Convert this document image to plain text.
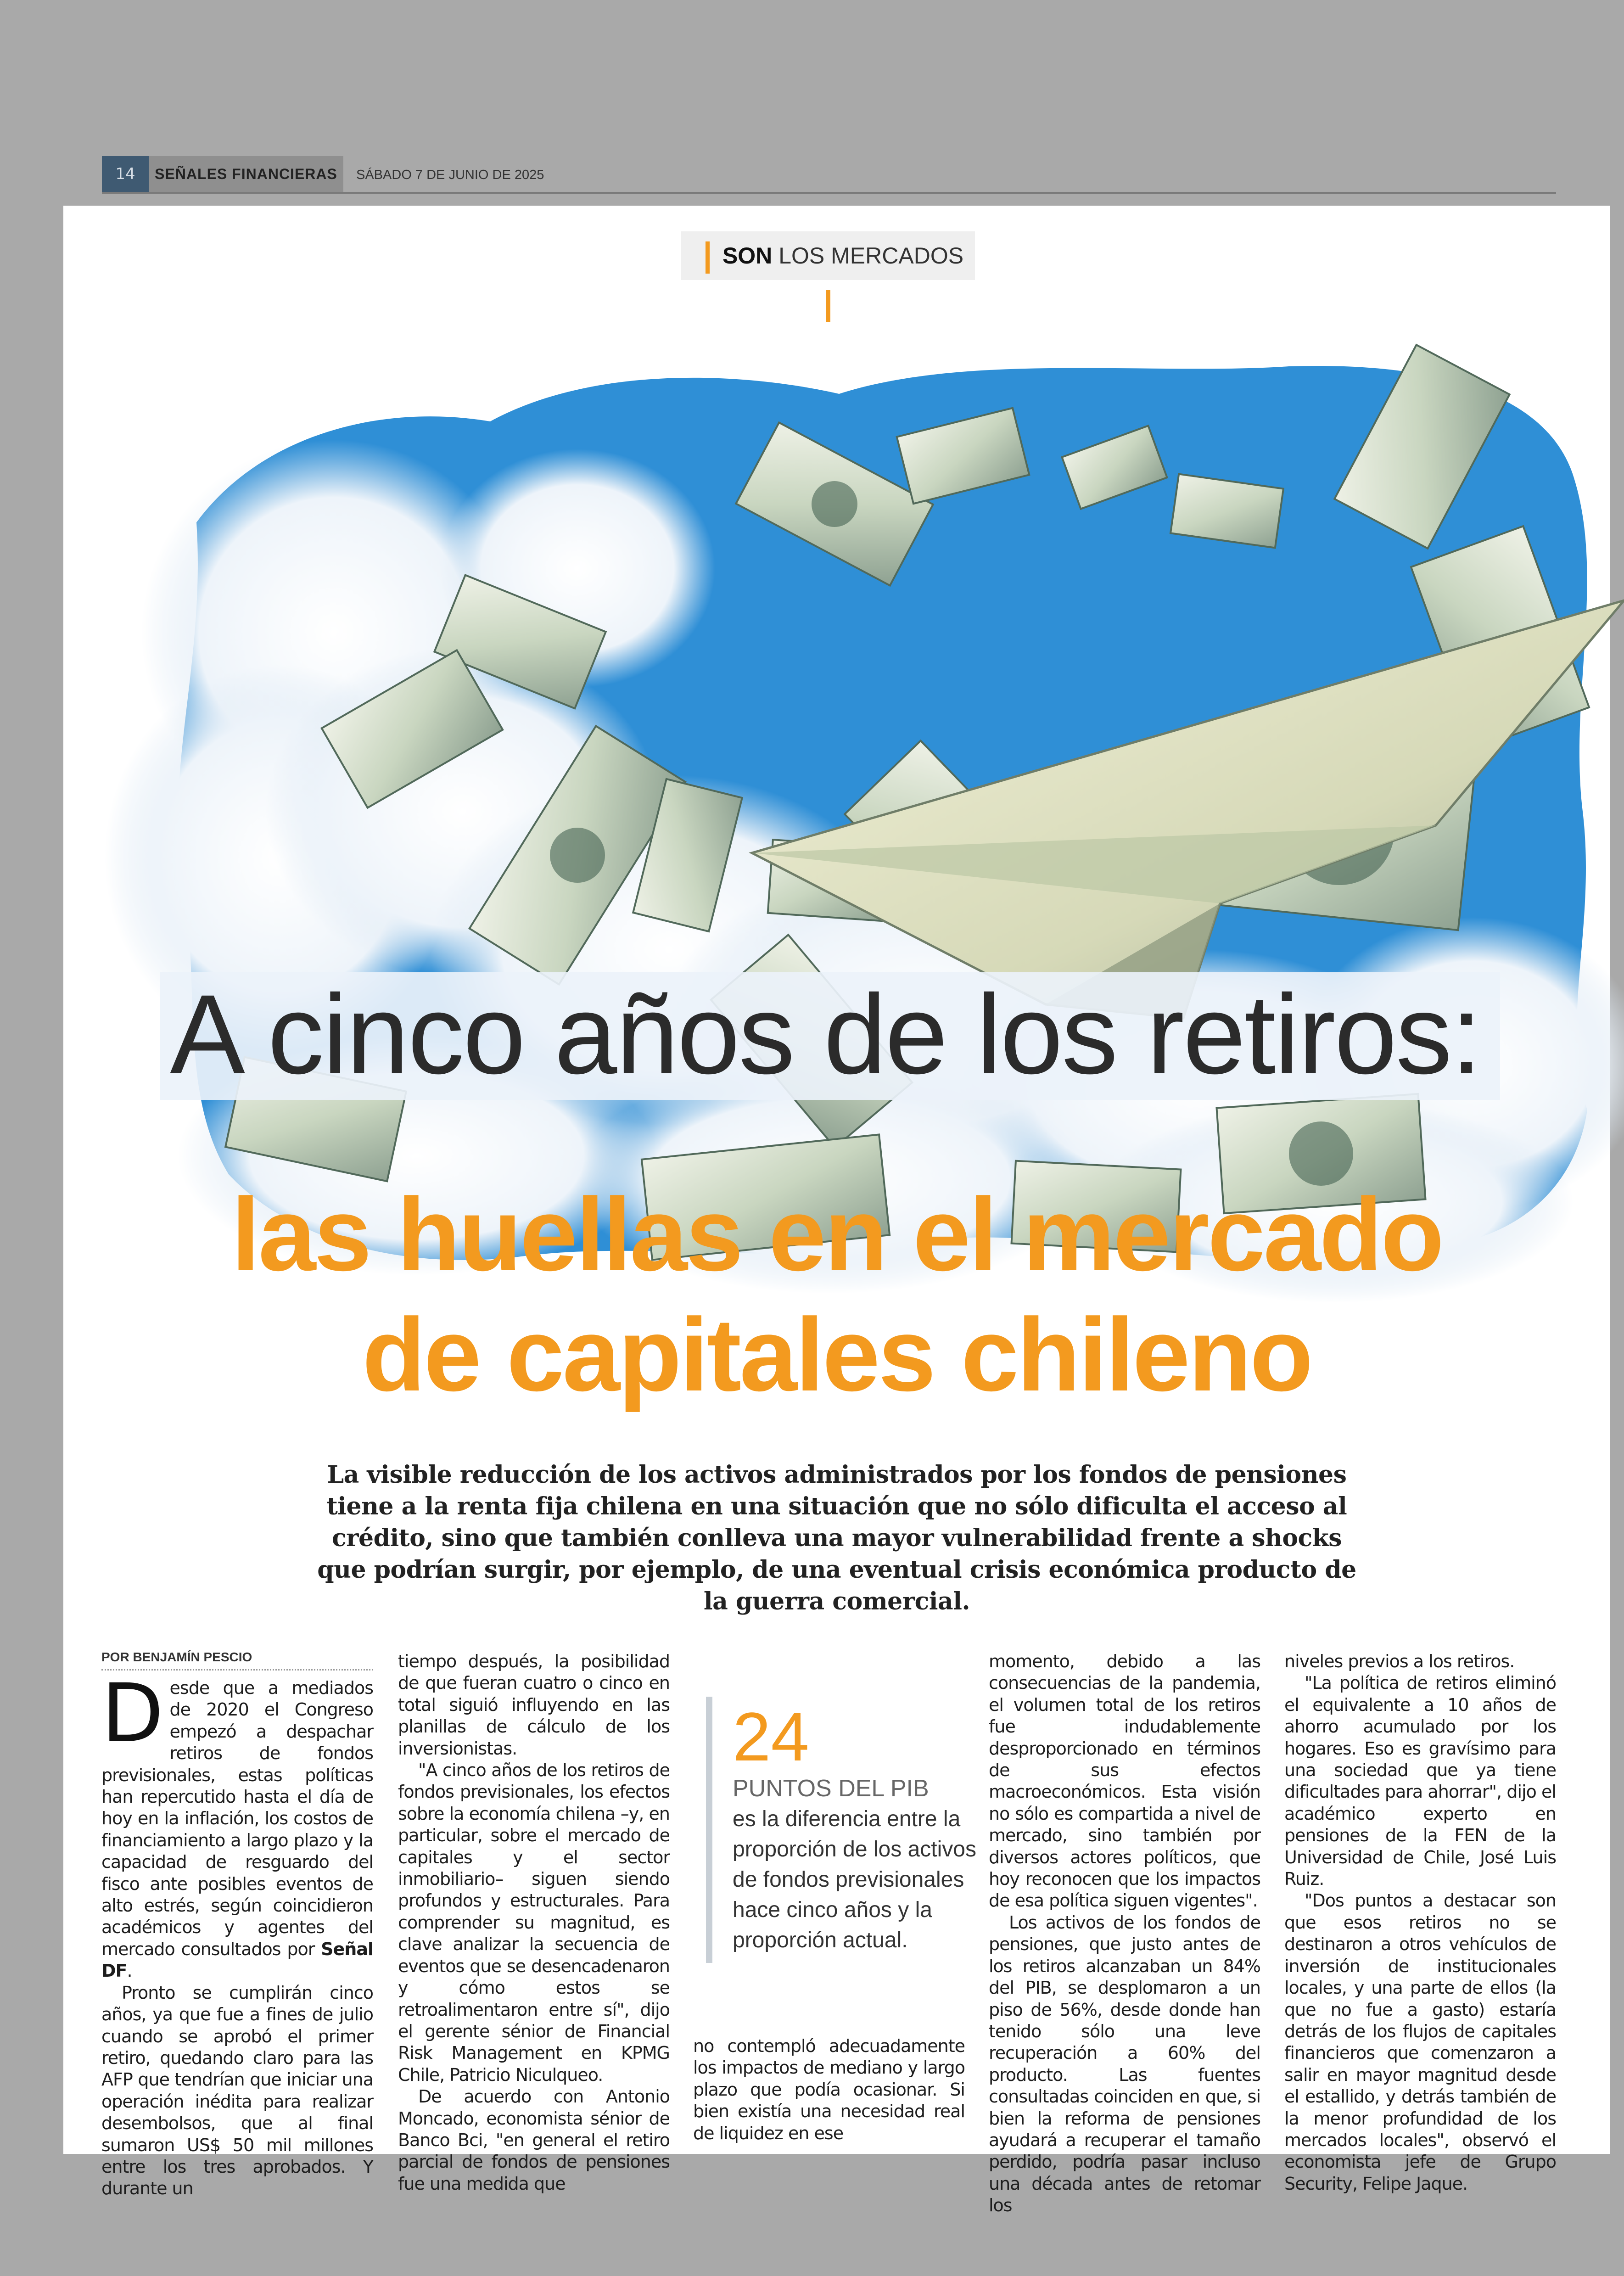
14	SEÑALES FINANCIERAS	SÁBADO 7 DE JUNIO DE 2025
SON LOS MERCADOS
A cinco años de los retiros:
las huellas en el mercado
de capitales chileno
La visible reducción de los activos administrados por los fondos de pensiones tiene a la renta fija chilena en una situación que no sólo dificulta el acceso al crédito, sino que también conlleva una mayor vulnerabilidad frente a shocks que podrían surgir, por ejemplo, de una eventual crisis económica producto de la guerra comercial.
POR BENJAMÍN PESCIO

Desde que a mediados de 2020 el Congreso empezó a despachar retiros de fondos previsionales, estas políticas han repercutido hasta el día de hoy en la inflación, los costos de financiamiento a largo plazo y la capacidad de resguardo del fisco ante posibles eventos de alto estrés, según coincidieron académicos y agentes del mercado consultados por Señal DF.

Pronto se cumplirán cinco años, ya que fue a fines de julio cuando se aprobó el primer retiro, quedando claro para las AFP que tendrían que iniciar una operación inédita para realizar desembolsos, que al final sumaron US$ 50 mil millones entre los tres aprobados. Y durante un

tiempo después, la posibilidad de que fueran cuatro o cinco en total siguió influyendo en las planillas de cálculo de los inversionistas.

"A cinco años de los retiros de fondos previsionales, los efectos sobre la economía chilena –y, en particular, sobre el mercado de capitales y el sector inmobiliario– siguen siendo profundos y estructurales. Para comprender su magnitud, es clave analizar la secuencia de eventos que se desencadenaron y cómo estos se retroalimentaron entre sí", dijo el gerente sénior de Financial Risk Management en KPMG Chile, Patricio Niculqueo.

De acuerdo con Antonio Moncado, economista sénior de Banco Bci, "en general el retiro parcial de fondos de pensiones fue una medida que

24
PUNTOS DEL PIB
es la diferencia entre la proporción de los activos de fondos previsionales hace cinco años y la proporción actual.

no contempló adecuadamente los impactos de mediano y largo plazo que podía ocasionar. Si bien existía una necesidad real de liquidez en ese

momento, debido a las consecuencias de la pandemia, el volumen total de los retiros fue indudablemente desproporcionado en términos de sus efectos macroeconómicos. Esta visión no sólo es compartida a nivel de mercado, sino también por diversos actores políticos, que hoy reconocen que los impactos de esa política siguen vigentes".

Los activos de los fondos de pensiones, que justo antes de los retiros alcanzaban un 84% del PIB, se desplomaron a un piso de 56%, desde donde han tenido sólo una leve recuperación a 60% del producto. Las fuentes consultadas coinciden en que, si bien la reforma de pensiones ayudará a recuperar el tamaño perdido, podría pasar incluso una década antes de retomar los

niveles previos a los retiros.

"La política de retiros eliminó el equivalente a 10 años de ahorro acumulado por los hogares. Eso es gravísimo para una sociedad que ya tiene dificultades para ahorrar", dijo el académico experto en pensiones de la FEN de la Universidad de Chile, José Luis Ruiz.

"Dos puntos a destacar son que esos retiros no se destinaron a otros vehículos de inversión de institucionales locales, y una parte de ellos (la que no fue a gasto) estaría detrás de los flujos de capitales financieros que comenzaron a salir en mayor magnitud desde el estallido, y detrás también de la menor profundidad de los mercados locales", observó el economista jefe de Grupo Security, Felipe Jaque.
